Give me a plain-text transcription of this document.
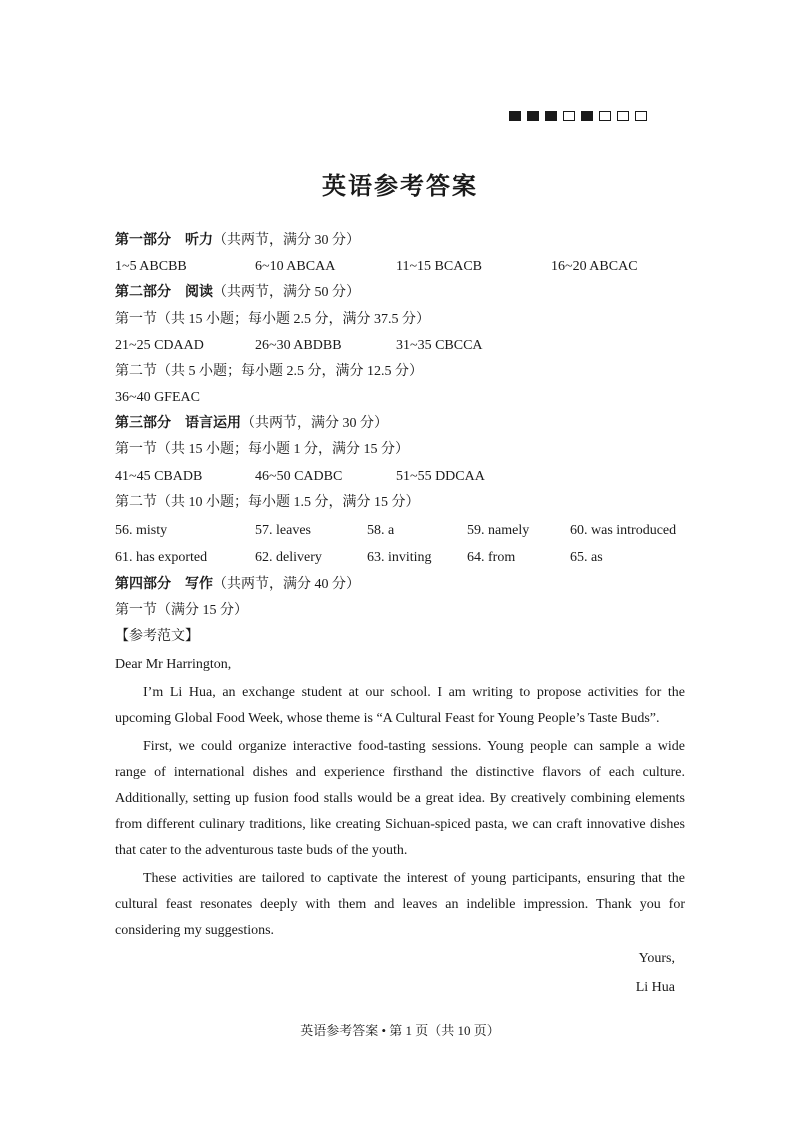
英语参考答案
第一部分　听力（共两节，满分 30 分）
1~5 ABCBB	6~10 ABCAA	11~15 BCACB	16~20 ABCAC
第二部分　阅读（共两节，满分 50 分）
第一节（共 15 小题；每小题 2.5 分，满分 37.5 分）
21~25 CDAAD	26~30 ABDBB	31~35 CBCCA
第二节（共 5 小题；每小题 2.5 分，满分 12.5 分）
36~40 GFEAC
第三部分　语言运用（共两节，满分 30 分）
第一节（共 15 小题；每小题 1 分，满分 15 分）
41~45 CBADB	46~50 CADBC	51~55 DDCAA
第二节（共 10 小题；每小题 1.5 分，满分 15 分）
56. misty	57. leaves	58. a	59. namely	60. was introduced
61. has exported	62. delivery	63. inviting	64. from	65. as
第四部分　写作（共两节，满分 40 分）
第一节（满分 15 分）
【参考范文】
Dear Mr Harrington,
I’m Li Hua, an exchange student at our school. I am writing to propose activities for the upcoming Global Food Week, whose theme is “A Cultural Feast for Young People’s Taste Buds”.
First, we could organize interactive food-tasting sessions. Young people can sample a wide range of international dishes and experience firsthand the distinctive flavors of each culture. Additionally, setting up fusion food stalls would be a great idea. By creatively combining elements from different culinary traditions, like creating Sichuan-spiced pasta, we can craft innovative dishes that cater to the adventurous taste buds of the youth.
These activities are tailored to captivate the interest of young participants, ensuring that the cultural feast resonates deeply with them and leaves an indelible impression. Thank you for considering my suggestions.
Yours,
Li Hua
英语参考答案 • 第 1 页（共 10 页）
